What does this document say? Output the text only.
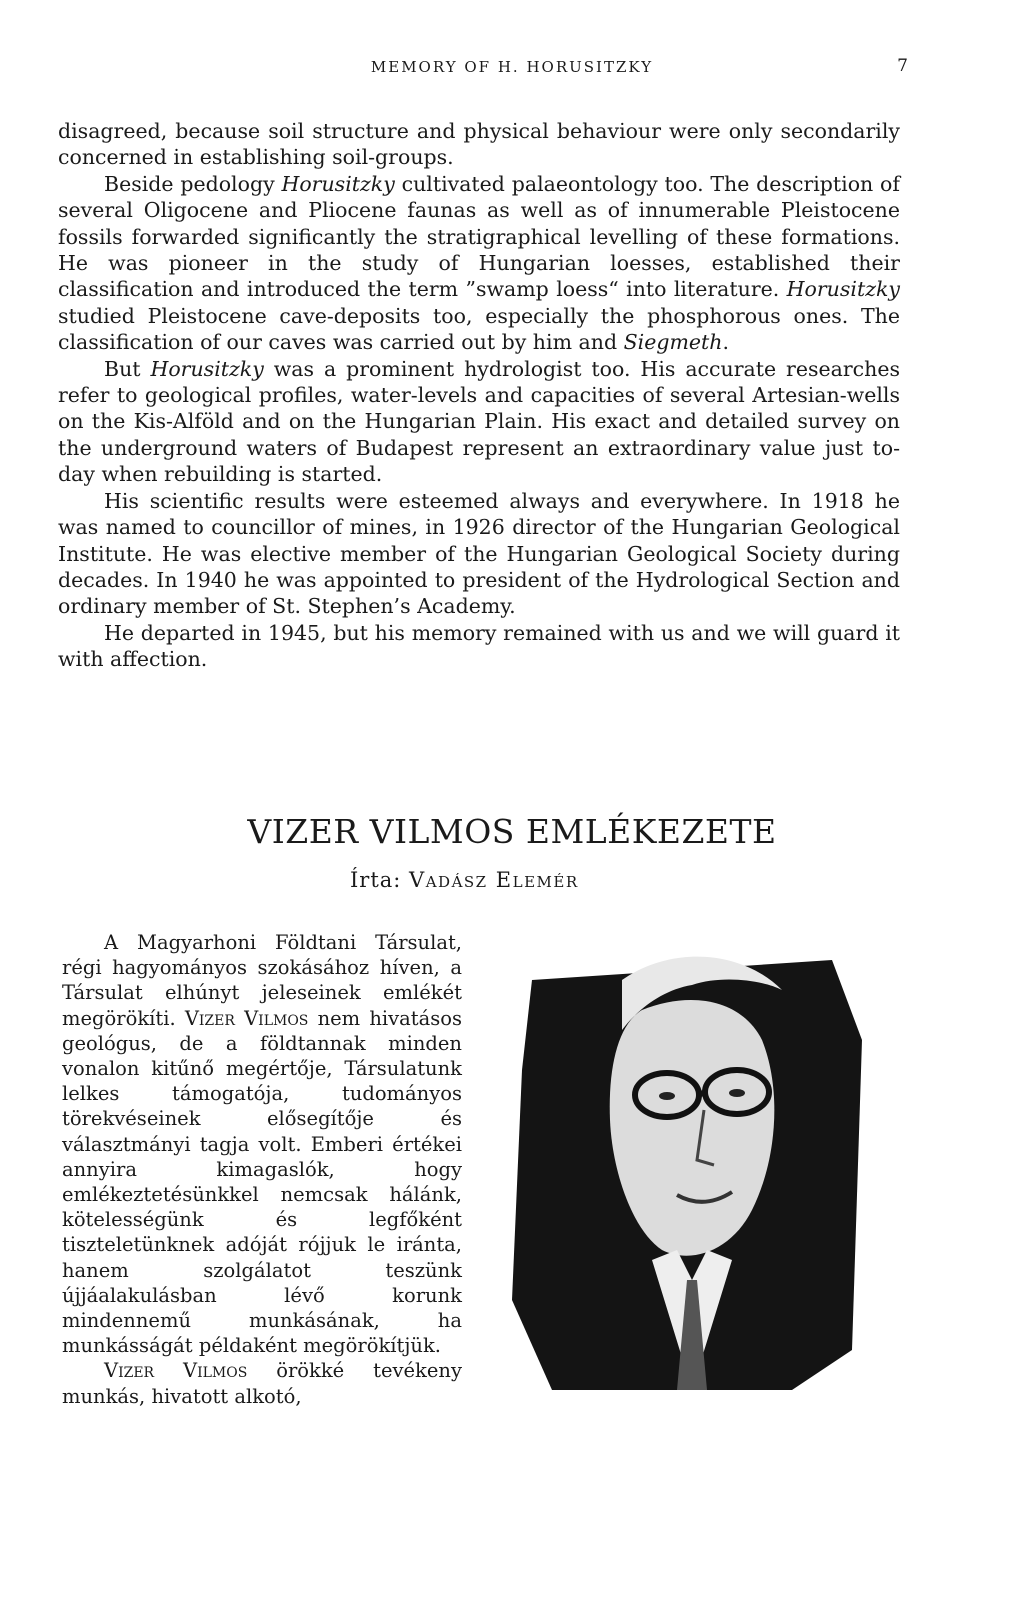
MEMORY OF H. HORUSITZKY	7

disagreed, because soil structure and physical behaviour were only secondarily concerned in establishing soil-groups.

Beside pedology Horusitzky cultivated palaeontology too. The description of several Oligocene and Pliocene faunas as well as of innumerable Pleistocene fossils forwarded significantly the stratigraphical levelling of these formations. He was pioneer in the study of Hungarian loesses, established their classification and introduced the term ”swamp loess“ into literature. Horusitzky studied Pleistocene cave-deposits too, especially the phosphorous ones. The classification of our caves was carried out by him and Siegmeth.

But Horusitzky was a prominent hydrologist too. His accurate researches refer to geological profiles, water-levels and capacities of several Artesian-wells on the Kis-Alföld and on the Hungarian Plain. His exact and detailed survey on the underground waters of Budapest represent an extraordinary value just to-day when rebuilding is started.

His scientific results were esteemed always and everywhere. In 1918 he was named to councillor of mines, in 1926 director of the Hungarian Geological Institute. He was elective member of the Hungarian Geological Society during decades. In 1940 he was appointed to president of the Hydrological Section and ordinary member of St. Stephen’s Academy.

He departed in 1945, but his memory remained with us and we will guard it with affection.

VIZER VILMOS EMLÉKEZETE
Írta: Vadász Elemér

A Magyarhoni Földtani Társulat, régi hagyományos szokásához híven, a Társulat elhúnyt jeleseinek emlékét megörökíti. Vizer Vilmos nem hivatásos geológus, de a földtannak minden vonalon kitűnő megértője, Társulatunk lelkes támogatója, tudományos törekvéseinek elősegítője és választmányi tagja volt. Emberi értékei annyira kimagaslók, hogy emlékeztetésünkkel nemcsak hálánk, kötelességünk és legfőként tiszteletünknek adóját rójjuk le iránta, hanem szolgálatot teszünk újjáalakulásban lévő korunk mindennemű munkásának, ha munkásságát példaként megörökítjük.

Vizer Vilmos örökké tevékeny munkás, hivatott alkotó,
